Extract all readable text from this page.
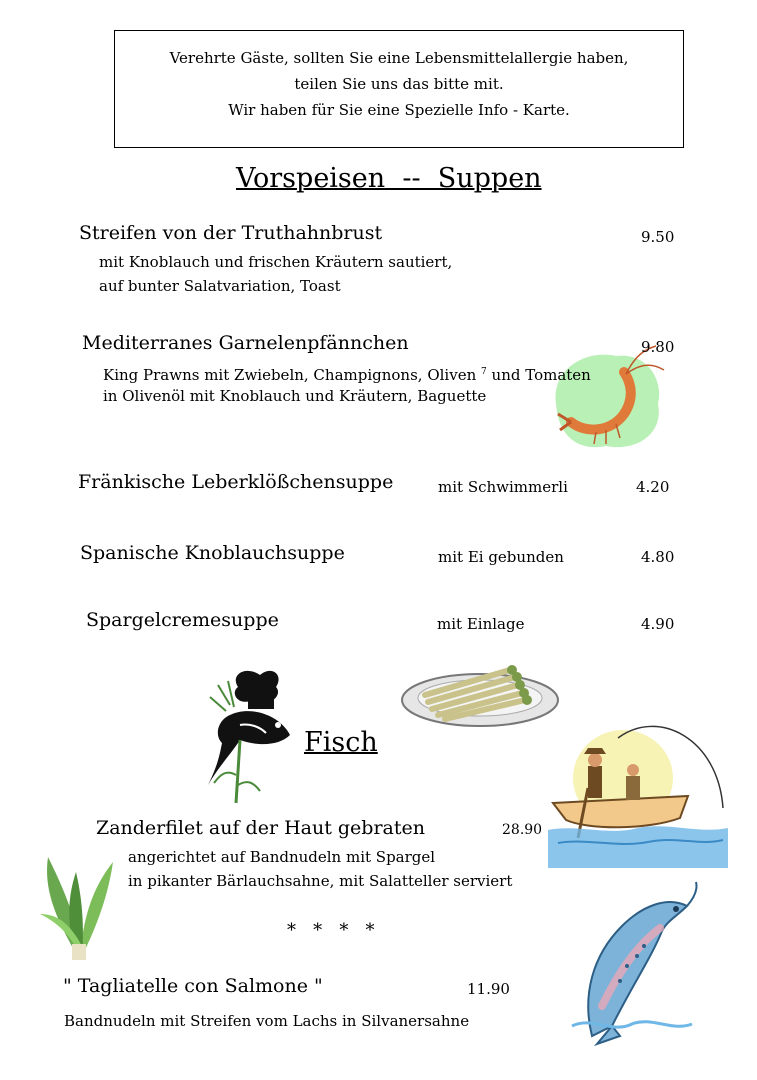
Verehrte Gäste, sollten Sie eine Lebensmittelallergie haben,
teilen Sie uns das bitte mit.
Wir haben für Sie eine Spezielle Info - Karte.
Vorspeisen  --  Suppen
Streifen von der Truthahnbrust	9.50
mit Knoblauch und frischen Kräutern sautiert,
auf bunter Salatvariation, Toast
Mediterranes Garnelenpfännchen	9.80
King Prawns mit Zwiebeln, Champignons, Oliven $^7$ und Tomaten
in Olivenöl mit Knoblauch und Kräutern, Baguette
Fränkische Leberklößchensuppe	mit Schwimmerli	4.20
Spanische Knoblauchsuppe	mit Ei gebunden	4.80
Spargelcremesuppe	mit Einlage	4.90
Fisch
Zanderfilet auf der Haut gebraten	28.90
angerichtet auf Bandnudeln mit Spargel
in pikanter Bärlauchsahne, mit Salatteller serviert
*   *   *   *
" Tagliatelle con Salmone "	11.90
Bandnudeln mit Streifen vom Lachs in Silvanersahne
